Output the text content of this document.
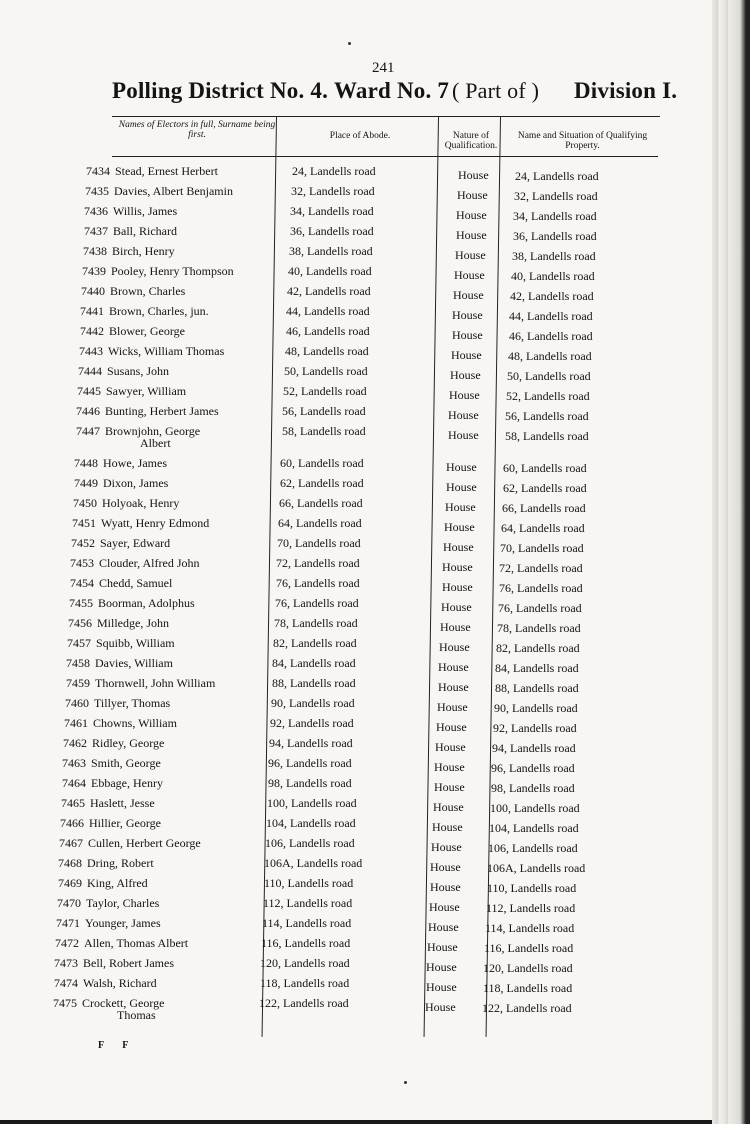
241
Polling District No. 4. Ward No. 7 ( Part of ) Division I.
Names of Electors in full, Surname being first.	Place of Abode.	Nature of Qualification.
Name and Situation of Qualifying Property.
7434 Stead, Ernest Herbert	24, Landells road	House 24, Landells road
7435 Davies, Albert Benjamin	32, Landells road	House 32, Landells road
7436 Willis, James	34, Landells road	House 34, Landells road
7437 Ball, Richard	36, Landells road	House 36, Landells road
7438 Birch, Henry	38, Landells road	House 38, Landells road
7439 Pooley, Henry Thompson	40, Landells road	House 40, Landells road
7440 Brown, Charles	42, Landells road	House 42, Landells road
7441 Brown, Charles, jun.	44, Landells road	House 44, Landells road
7442 Blower, George	46, Landells road	House 46, Landells road
7443 Wicks, William Thomas	48, Landells road	House 48, Landells road
7444 Susans, John	50, Landells road	House 50, Landells road
7445 Sawyer, William	52, Landells road	House 52, Landells road
7446 Bunting, Herbert James	56, Landells road	House 56, Landells road
7447 Brownjohn, George	58, Landells road	House 58, Landells road
Albert
7448 Howe, James	60, Landells road	House 60, Landells road
7449 Dixon, James	62, Landells road	House 62, Landells road
7450 Holyoak, Henry	66, Landells road	House 66, Landells road
7451 Wyatt, Henry Edmond	64, Landells road	House 64, Landells road
7452 Sayer, Edward	70, Landells road	House 70, Landells road
7453 Clouder, Alfred John	72, Landells road	House 72, Landells road
7454 Chedd, Samuel	76, Landells road	House 76, Landells road
7455 Boorman, Adolphus	76, Landells road	House 76, Landells road
7456 Milledge, John	78, Landells road	House 78, Landells road
7457 Squibb, William	82, Landells road	House 82, Landells road
7458 Davies, William	84, Landells road	House 84, Landells road
7459 Thornwell, John William	88, Landells road	House 88, Landells road
7460 Tillyer, Thomas	90, Landells road	House 90, Landells road
7461 Chowns, William	92, Landells road	House 92, Landells road
7462 Ridley, George	94, Landells road	House 94, Landells road
7463 Smith, George	96, Landells road	House 96, Landells road
7464 Ebbage, Henry	98, Landells road	House 98, Landells road
7465 Haslett, Jesse	100, Landells road	House 100, Landells road
7466 Hillier, George	104, Landells road	House 104, Landells road
7467 Cullen, Herbert George	106, Landells road	House 106, Landells road
7468 Dring, Robert	106A, Landells road	House 106A, Landells road
7469 King, Alfred	110, Landells road	House 110, Landells road
7470 Taylor, Charles	112, Landells road	House 112, Landells road
7471 Younger, James	114, Landells road	House 114, Landells road
7472 Allen, Thomas Albert	116, Landells road	House 116, Landells road
7473 Bell, Robert James	120, Landells road	House 120, Landells road
7474 Walsh, Richard	118, Landells road	House 118, Landells road
7475 Crockett, George	122, Landells road	House 122, Landells road
Thomas
F F
